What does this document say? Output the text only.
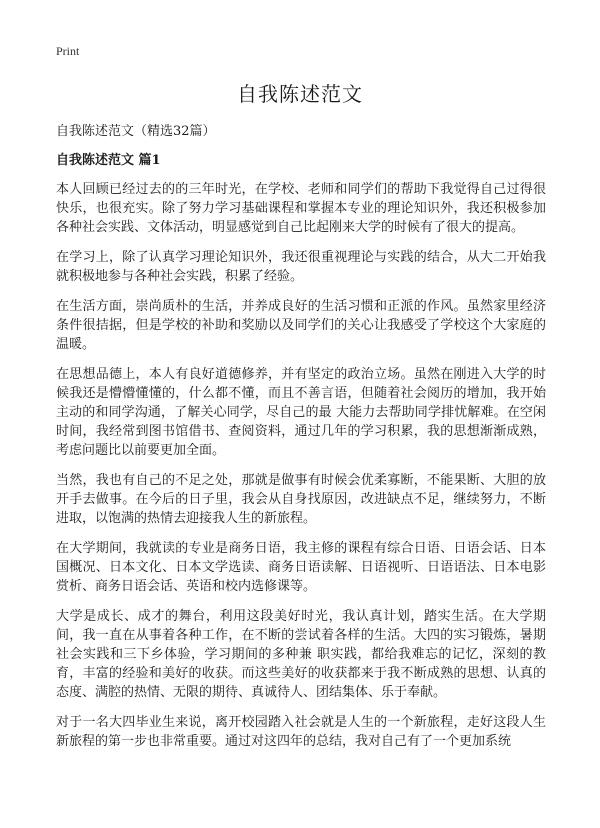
Print
自我陈述范文

自我陈述范文（精选32篇）

自我陈述范文 篇1

本人回顾已经过去的的三年时光，在学校、老师和同学们的帮助下我觉得自己过得很快乐，也很充实。除了努力学习基础课程和掌握本专业的理论知识外，我还积极参加各种社会实践、文体活动，明显感觉到自己比起刚来大学的时候有了很大的提高。

在学习上，除了认真学习理论知识外，我还很重视理论与实践的结合，从大二开始我就积极地参与各种社会实践，积累了经验。

在生活方面，崇尚质朴的生活，并养成良好的生活习惯和正派的作风。虽然家里经济条件很拮据，但是学校的补助和奖励以及同学们的关心让我感受了学校这个大家庭的温暖。

在思想品德上，本人有良好道德修养，并有坚定的政治立场。虽然在刚进入大学的时候我还是懵懵懂懂的，什么都不懂，而且不善言语，但随着社会阅历的增加，我开始主动的和同学沟通，了解关心同学，尽自己的最 大能力去帮助同学排忧解难。在空闲时间，我经常到图书馆借书、查阅资料，通过几年的学习积累，我的思想渐渐成熟，考虑问题比以前要更加全面。

当然，我也有自己的不足之处，那就是做事有时候会优柔寡断，不能果断、大胆的放开手去做事。在今后的日子里，我会从自身找原因，改进缺点不足，继续努力，不断进取，以饱满的热情去迎接我人生的新旅程。

在大学期间，我就读的专业是商务日语，我主修的课程有综合日语、日语会话、日本国概况、日本文化、日本文学选读、商务日语读解、日语视听、日语语法、日本电影赏析、商务日语会话、英语和校内选修课等。

大学是成长、成才的舞台，利用这段美好时光，我认真计划，踏实生活。在大学期间，我一直在从事着各种工作，在不断的尝试着各样的生活。大四的实习锻炼，暑期社会实践和三下乡体验，学习期间的多种兼 职实践，都给我难忘的记忆，深刻的教育，丰富的经验和美好的收获。而这些美好的收获都来于我不断成熟的思想、认真的态度、满腔的热情、无限的期待、真诚待人、团结集体、乐于奉献。

对于一名大四毕业生来说，离开校园踏入社会就是人生的一个新旅程，走好这段人生新旅程的第一步也非常重要。通过对这四年的总结，我对自己有了一个更加系统
